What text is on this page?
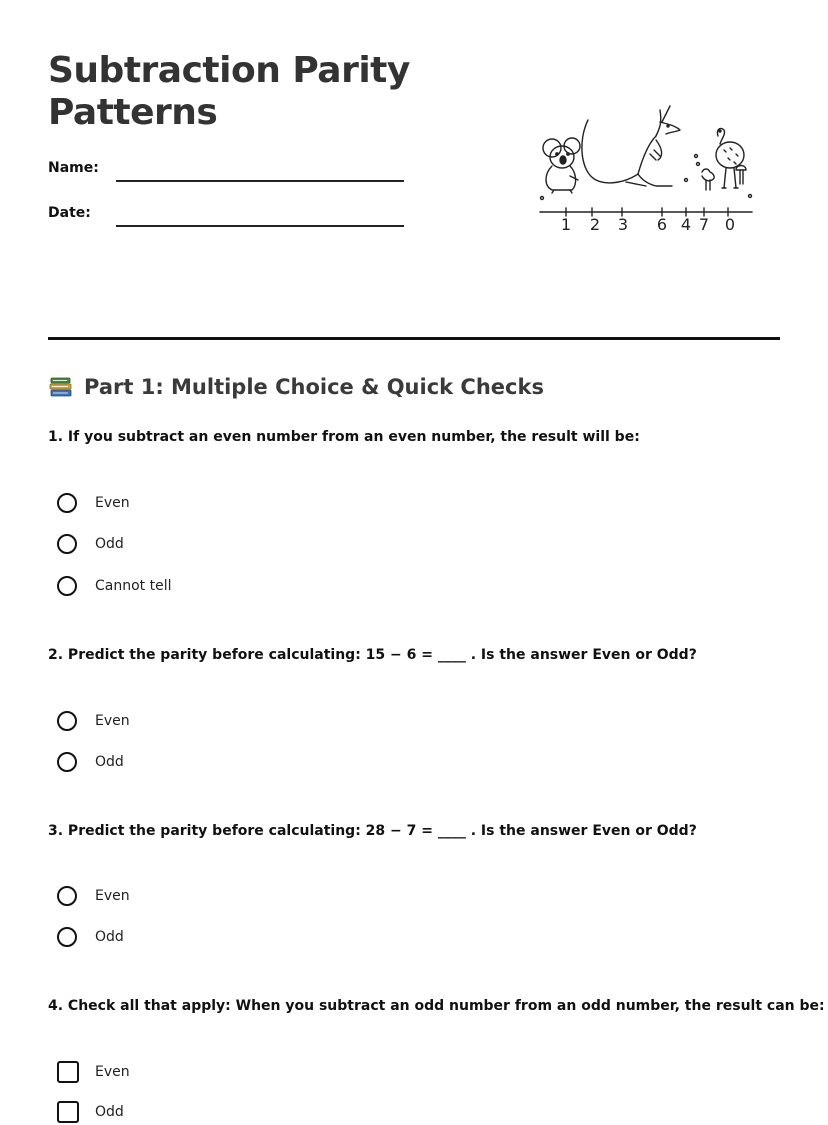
Subtraction Parity Patterns
Name:
Date:
1 2 3 6 4 7 0
Part 1: Multiple Choice & Quick Checks
1. If you subtract an even number from an even number, the result will be:
Even
Odd
Cannot tell
2. Predict the parity before calculating: 15 − 6 = ____ . Is the answer Even or Odd?
Even
Odd
3. Predict the parity before calculating: 28 − 7 = ____ . Is the answer Even or Odd?
Even
Odd
4. Check all that apply: When you subtract an odd number from an odd number, the result can be:
Even
Odd
